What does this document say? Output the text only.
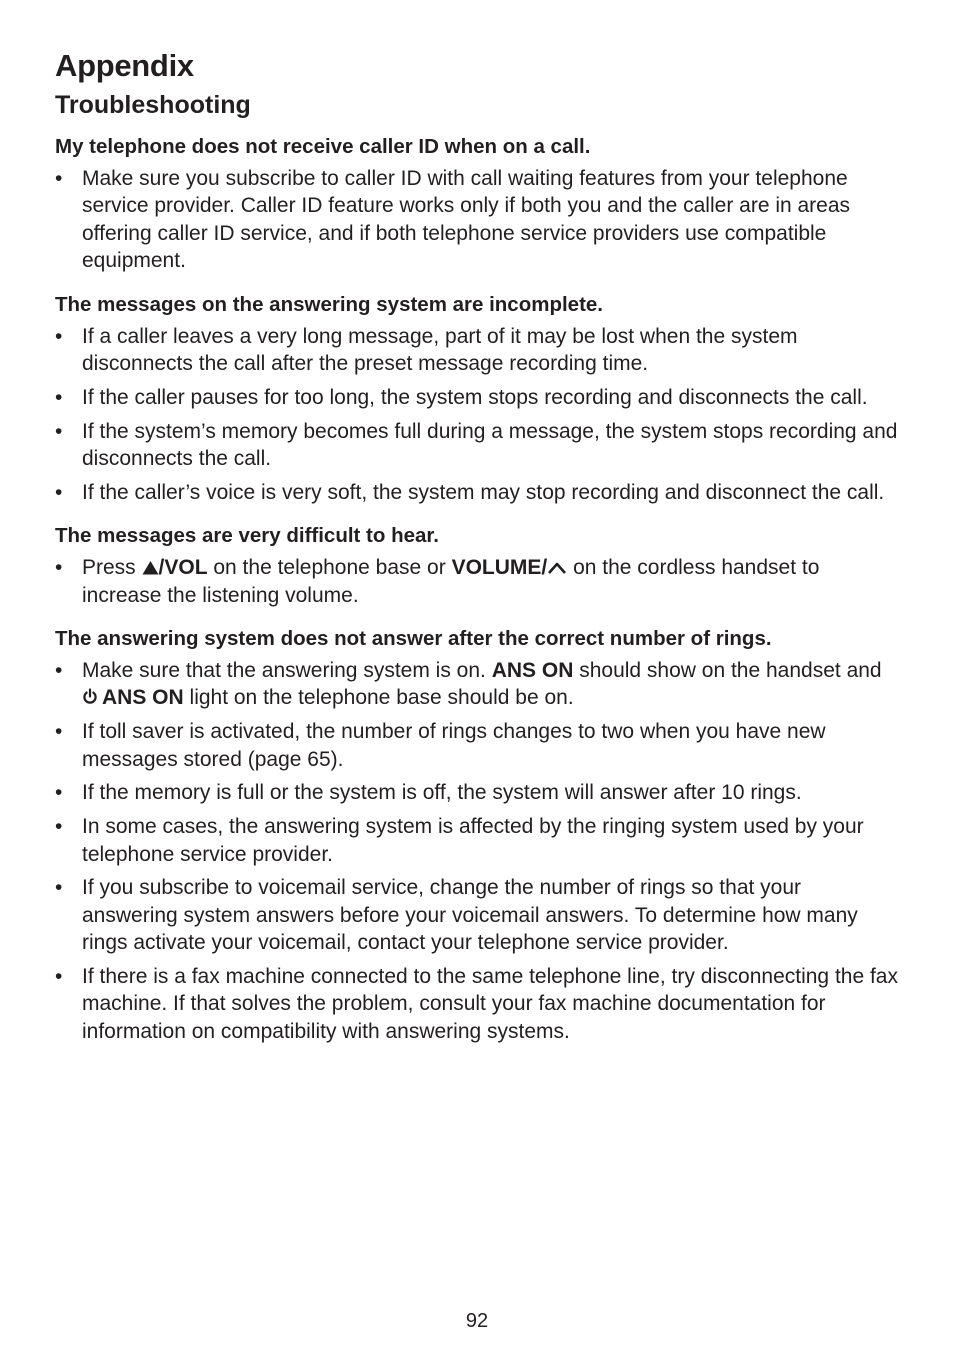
Appendix
Troubleshooting
My telephone does not receive caller ID when on a call.
• Make sure you subscribe to caller ID with call waiting features from your telephone service provider. Caller ID feature works only if both you and the caller are in areas offering caller ID service, and if both telephone service providers use compatible equipment.
The messages on the answering system are incomplete.
• If a caller leaves a very long message, part of it may be lost when the system disconnects the call after the preset message recording time.
• If the caller pauses for too long, the system stops recording and disconnects the call.
• If the system’s memory becomes full during a message, the system stops recording and disconnects the call.
• If the caller’s voice is very soft, the system may stop recording and disconnect the call.
The messages are very difficult to hear.
• Press /VOL on the telephone base or VOLUME/ on the cordless handset to increase the listening volume.
The answering system does not answer after the correct number of rings.
• Make sure that the answering system is on. ANS ON should show on the handset and ANS ON light on the telephone base should be on.
• If toll saver is activated, the number of rings changes to two when you have new messages stored (page 65).
• If the memory is full or the system is off, the system will answer after 10 rings.
• In some cases, the answering system is affected by the ringing system used by your telephone service provider.
• If you subscribe to voicemail service, change the number of rings so that your answering system answers before your voicemail answers. To determine how many rings activate your voicemail, contact your telephone service provider.
• If there is a fax machine connected to the same telephone line, try disconnecting the fax machine. If that solves the problem, consult your fax machine documentation for information on compatibility with answering systems.
92
